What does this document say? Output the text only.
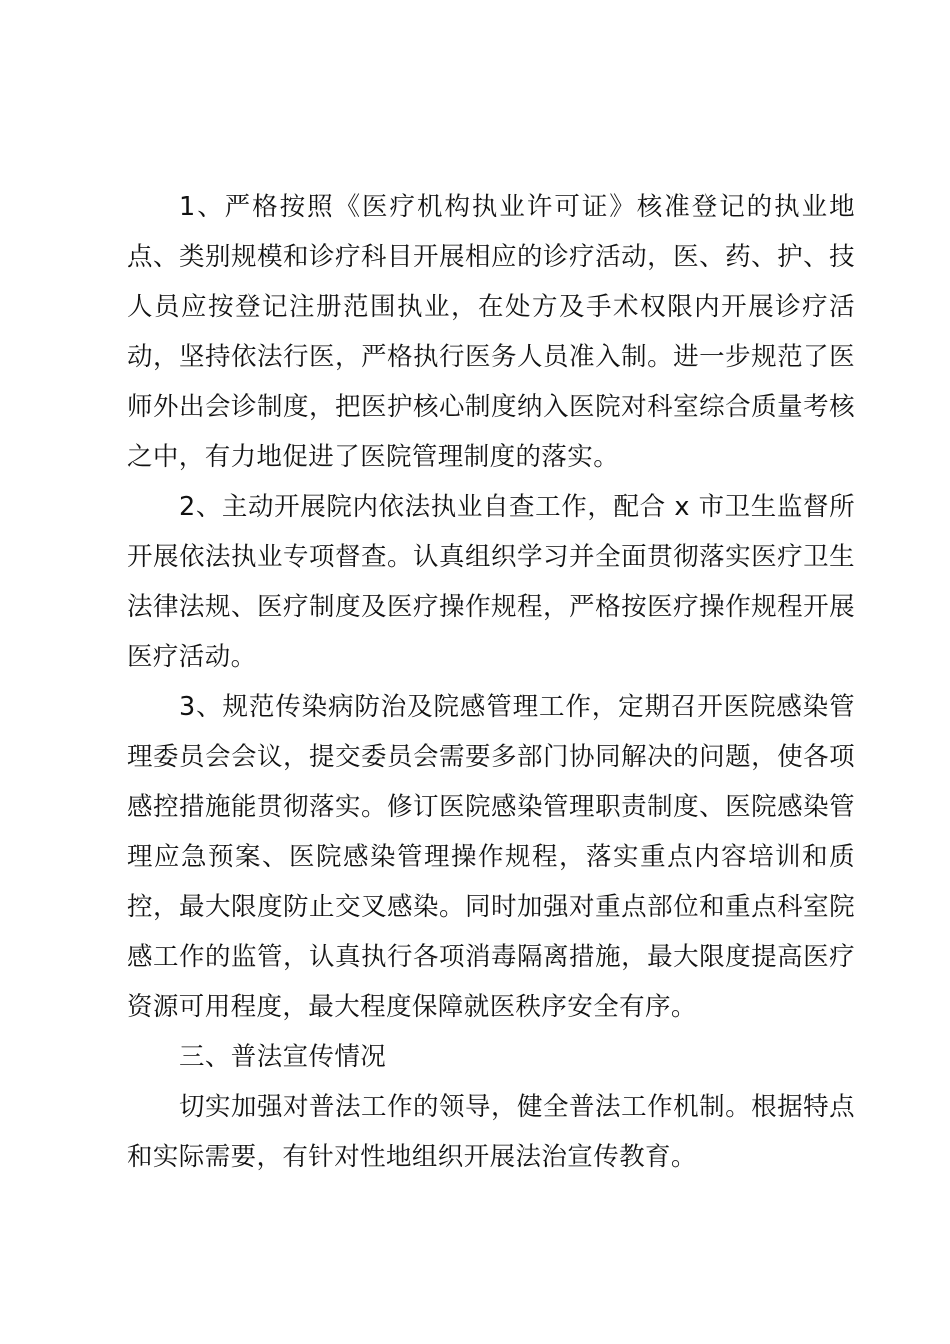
1、严格按照《医疗机构执业许可证》核准登记的执业地点、类别规模和诊疗科目开展相应的诊疗活动，医、药、护、技人员应按登记注册范围执业，在处方及手术权限内开展诊疗活动，坚持依法行医，严格执行医务人员准入制。进一步规范了医师外出会诊制度，把医护核心制度纳入医院对科室综合质量考核之中，有力地促进了医院管理制度的落实。

2、主动开展院内依法执业自查工作，配合 x 市卫生监督所开展依法执业专项督查。认真组织学习并全面贯彻落实医疗卫生法律法规、医疗制度及医疗操作规程，严格按医疗操作规程开展医疗活动。

3、规范传染病防治及院感管理工作，定期召开医院感染管理委员会会议，提交委员会需要多部门协同解决的问题，使各项感控措施能贯彻落实。修订医院感染管理职责制度、医院感染管理应急预案、医院感染管理操作规程，落实重点内容培训和质控，最大限度防止交叉感染。同时加强对重点部位和重点科室院感工作的监管，认真执行各项消毒隔离措施，最大限度提高医疗资源可用程度，最大程度保障就医秩序安全有序。

三、普法宣传情况

切实加强对普法工作的领导，健全普法工作机制。根据特点和实际需要，有针对性地组织开展法治宣传教育。
